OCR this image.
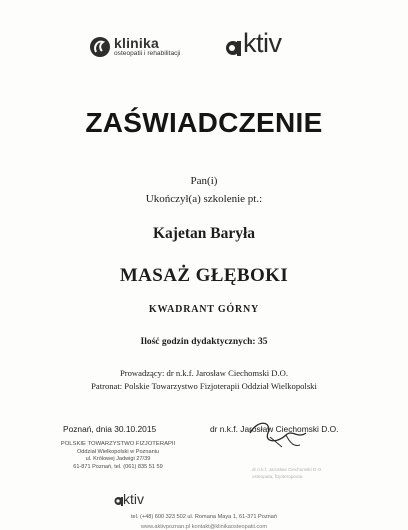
klinika
osteopatii i rehabilitacji ktiv
ZAŚWIADCZENIE
Pan(i)
Ukończył(a) szkolenie pt.:
Kajetan Baryła
MASAŻ GŁĘBOKI
KWADRANT GÓRNY
Ilość godzin dydaktycznych: 35
Prowadzący: dr n.k.f. Jarosław Ciechomski D.O.
Patronat: Polskie Towarzystwo Fizjoterapii Oddział Wielkopolski
Poznań, dnia 30.10.2015	dr n.k.f. Jarosław Ciechomski D.O.
POLSKIE TOWARZYSTWO FIZJOTERAPII
Oddział Wielkopolski w Poznaniu
ul. Królowej Jadwigi 27/39
61-871 Poznań, tel. (061) 835 51 59	dr n.k.f. Jarosław Ciechomski D.O.
osteopata, fizjoterapeuta
ktiv
tel. (+48) 600 323 502 ul. Romana Maya 1, 61-371 Poznań
www.aktivpoznan.pl kontakt@klinikaosteopatii.com
